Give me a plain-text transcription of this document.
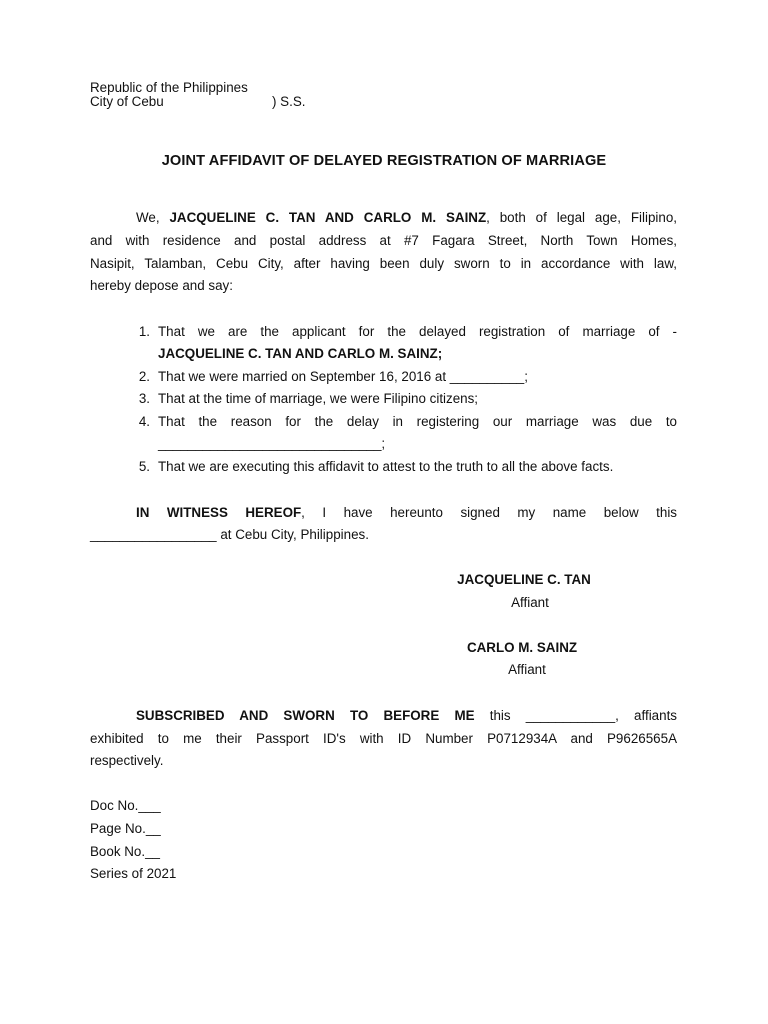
Republic of the Philippines
City of Cebu	) S.S.
JOINT AFFIDAVIT OF DELAYED REGISTRATION OF MARRIAGE
We, JACQUELINE C. TAN AND CARLO M. SAINZ, both of legal age, Filipino,
and with residence and postal address at #7 Fagara Street, North Town Homes,
Nasipit, Talamban, Cebu City, after having been duly sworn to in accordance with law,
hereby depose and say:
1. That we are the applicant for the delayed registration of marriage of -
JACQUELINE C. TAN AND CARLO M. SAINZ;
2. That we were married on September 16, 2016 at __________;
3. That at the time of marriage, we were Filipino citizens;
4. That the reason for the delay in registering our marriage was due to
______________________________;
5. That we are executing this affidavit to attest to the truth to all the above facts.
IN WITNESS HEREOF, I have hereunto signed my name below this
_________________ at Cebu City, Philippines.
JACQUELINE C. TAN
Affiant
CARLO M. SAINZ
Affiant
SUBSCRIBED AND SWORN TO BEFORE ME this ____________, affiants
exhibited to me their Passport ID's with ID Number P0712934A and P9626565A
respectively.
Doc No.___
Page No.__
Book No.__
Series of 2021
